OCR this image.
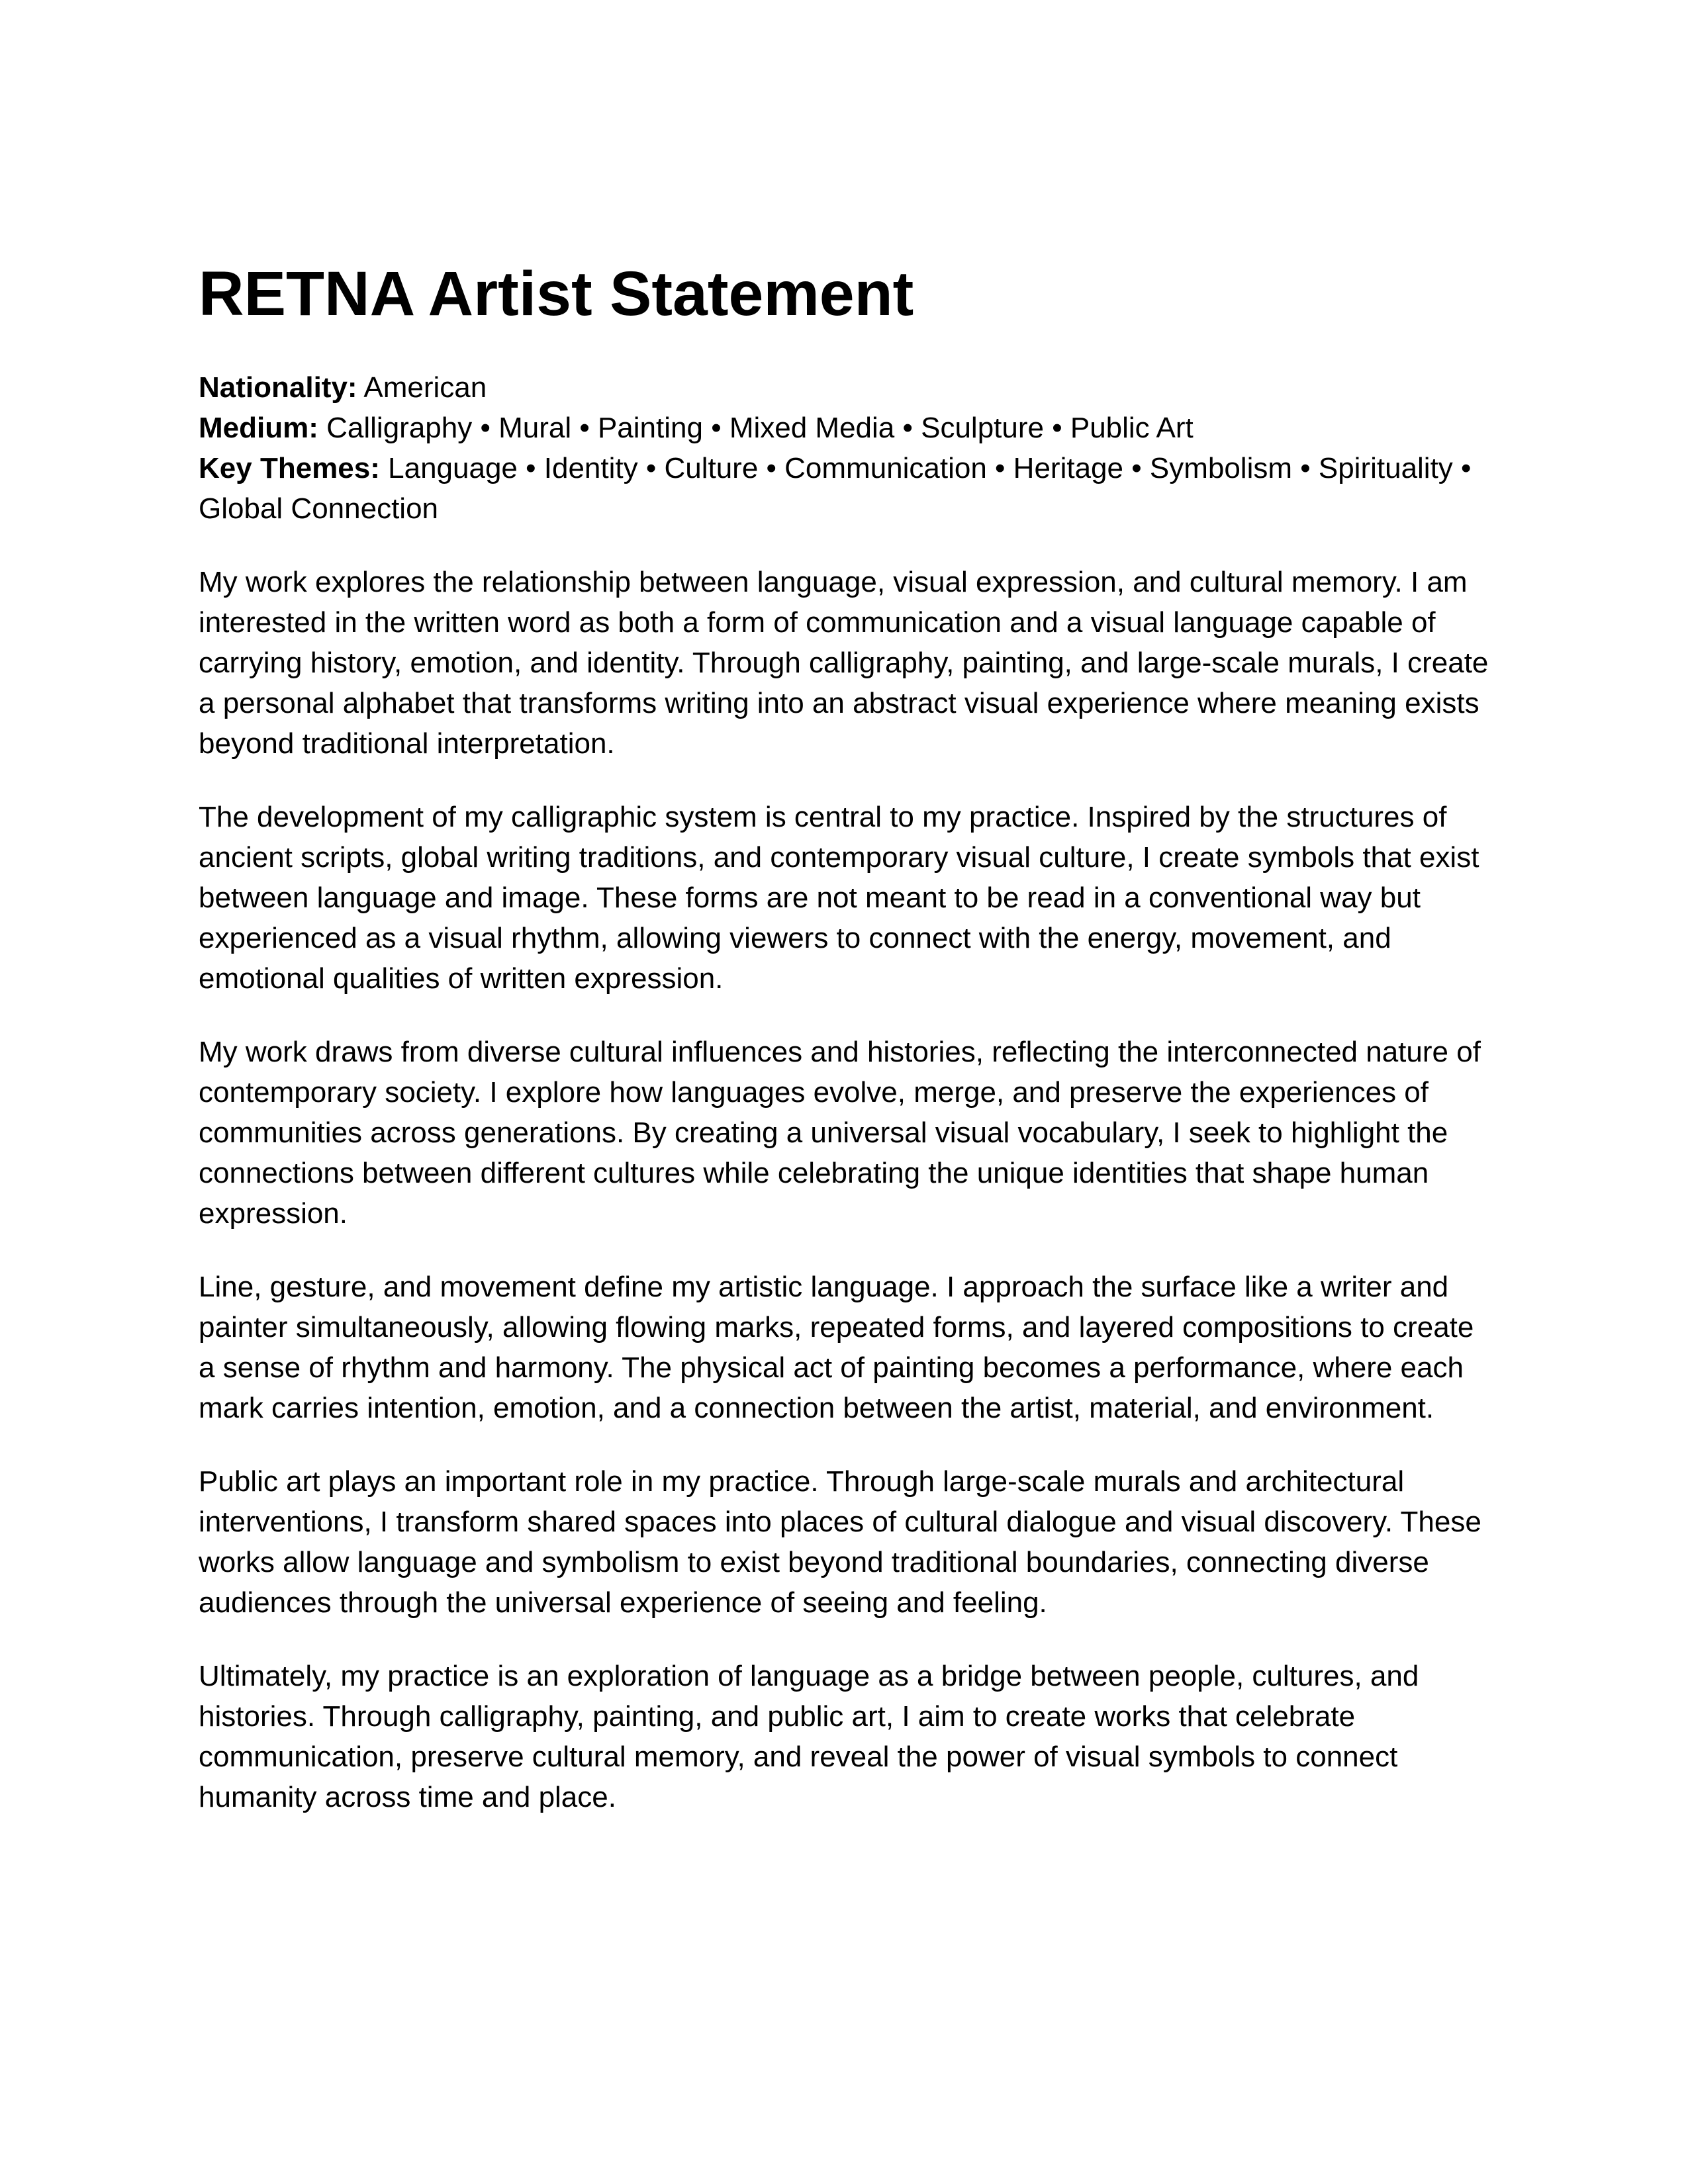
RETNA Artist Statement
Nationality: American
Medium: Calligraphy • Mural • Painting • Mixed Media • Sculpture • Public Art
Key Themes: Language • Identity • Culture • Communication • Heritage • Symbolism • Spirituality • Global Connection

My work explores the relationship between language, visual expression, and cultural memory. I am interested in the written word as both a form of communication and a visual language capable of carrying history, emotion, and identity. Through calligraphy, painting, and large-scale murals, I create a personal alphabet that transforms writing into an abstract visual experience where meaning exists beyond traditional interpretation.

The development of my calligraphic system is central to my practice. Inspired by the structures of ancient scripts, global writing traditions, and contemporary visual culture, I create symbols that exist between language and image. These forms are not meant to be read in a conventional way but experienced as a visual rhythm, allowing viewers to connect with the energy, movement, and emotional qualities of written expression.

My work draws from diverse cultural influences and histories, reflecting the interconnected nature of contemporary society. I explore how languages evolve, merge, and preserve the experiences of communities across generations. By creating a universal visual vocabulary, I seek to highlight the connections between different cultures while celebrating the unique identities that shape human expression.

Line, gesture, and movement define my artistic language. I approach the surface like a writer and painter simultaneously, allowing flowing marks, repeated forms, and layered compositions to create a sense of rhythm and harmony. The physical act of painting becomes a performance, where each mark carries intention, emotion, and a connection between the artist, material, and environment.

Public art plays an important role in my practice. Through large-scale murals and architectural interventions, I transform shared spaces into places of cultural dialogue and visual discovery. These works allow language and symbolism to exist beyond traditional boundaries, connecting diverse audiences through the universal experience of seeing and feeling.

Ultimately, my practice is an exploration of language as a bridge between people, cultures, and histories. Through calligraphy, painting, and public art, I aim to create works that celebrate communication, preserve cultural memory, and reveal the power of visual symbols to connect humanity across time and place.
